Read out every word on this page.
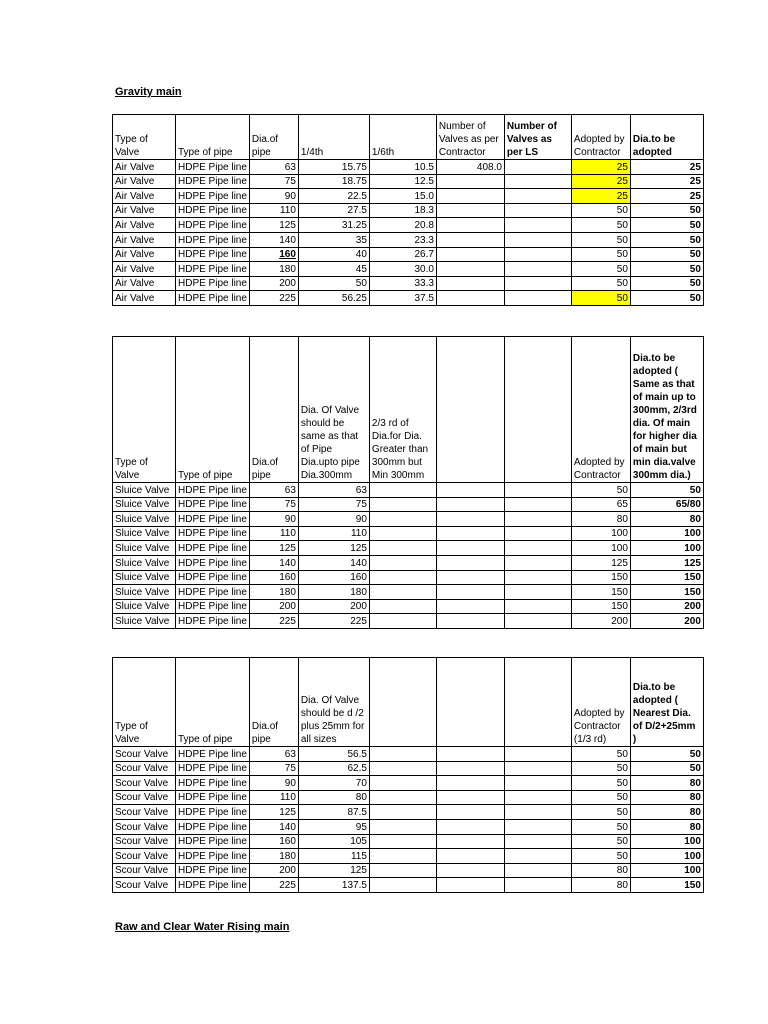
Gravity main
Type of Valve	Type of pipe	Dia.of pipe	1/4th	1/6th	Number of Valves as per Contractor	Number of Valves as per LS	Adopted by Contractor	Dia.to be adopted
Air Valve	HDPE Pipe line	63	15.75	10.5	408.0		25	25
Air Valve	HDPE Pipe line	75	18.75	12.5			25	25
Air Valve	HDPE Pipe line	90	22.5	15.0			25	25
Air Valve	HDPE Pipe line	110	27.5	18.3			50	50
Air Valve	HDPE Pipe line	125	31.25	20.8			50	50
Air Valve	HDPE Pipe line	140	35	23.3			50	50
Air Valve	HDPE Pipe line	160	40	26.7			50	50
Air Valve	HDPE Pipe line	180	45	30.0			50	50
Air Valve	HDPE Pipe line	200	50	33.3			50	50
Air Valve	HDPE Pipe line	225	56.25	37.5			50	50
Type of Valve	Type of pipe	Dia.of pipe	Dia. Of Valve should be same as that of Pipe Dia.upto pipe Dia.300mm	2/3 rd of Dia.for Dia. Greater than 300mm but Min 300mm			Adopted by Contractor	Dia.to be adopted ( Same as that of main up to 300mm, 2/3rd dia. Of main for higher dia of main but min dia.valve 300mm dia.)
Sluice Valve	HDPE Pipe line	63	63				50	50
Sluice Valve	HDPE Pipe line	75	75				65	65/80
Sluice Valve	HDPE Pipe line	90	90				80	80
Sluice Valve	HDPE Pipe line	110	110				100	100
Sluice Valve	HDPE Pipe line	125	125				100	100
Sluice Valve	HDPE Pipe line	140	140				125	125
Sluice Valve	HDPE Pipe line	160	160				150	150
Sluice Valve	HDPE Pipe line	180	180				150	150
Sluice Valve	HDPE Pipe line	200	200				150	200
Sluice Valve	HDPE Pipe line	225	225				200	200
Type of Valve	Type of pipe	Dia.of pipe	Dia. Of Valve should be d /2 plus 25mm for all sizes				Adopted by Contractor (1/3 rd)	Dia.to be adopted ( Nearest Dia. of D/2+25mm )
Scour Valve	HDPE Pipe line	63	56.5				50	50
Scour Valve	HDPE Pipe line	75	62.5				50	50
Scour Valve	HDPE Pipe line	90	70				50	80
Scour Valve	HDPE Pipe line	110	80				50	80
Scour Valve	HDPE Pipe line	125	87.5				50	80
Scour Valve	HDPE Pipe line	140	95				50	80
Scour Valve	HDPE Pipe line	160	105				50	100
Scour Valve	HDPE Pipe line	180	115				50	100
Scour Valve	HDPE Pipe line	200	125				80	100
Scour Valve	HDPE Pipe line	225	137.5				80	150
Raw and Clear Water Rising main
